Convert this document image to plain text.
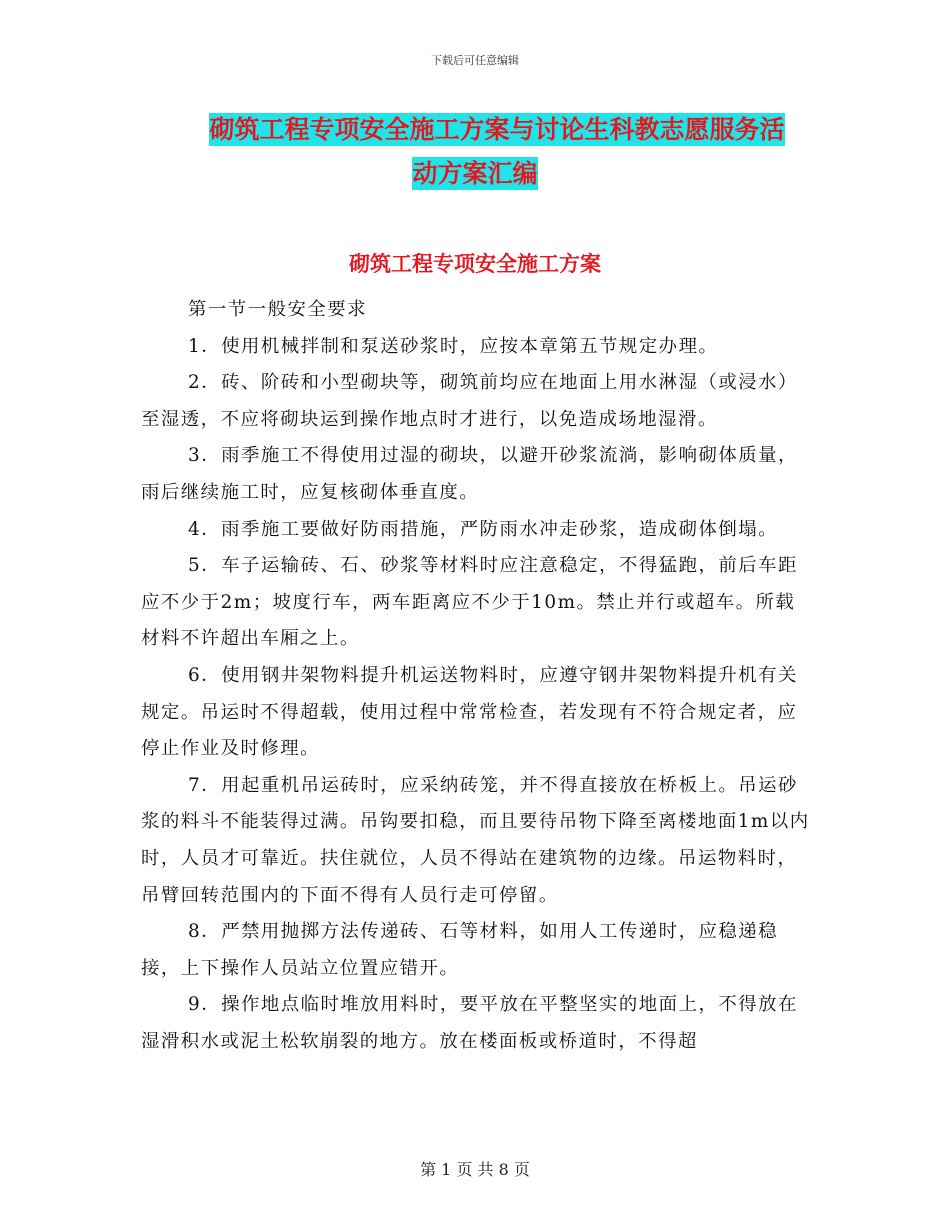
下载后可任意编辑
砌筑工程专项安全施工方案与讨论生科教志愿服务活
动方案汇编
砌筑工程专项安全施工方案

第一节一般安全要求

1．使用机械拌制和泵送砂浆时，应按本章第五节规定办理。

2．砖、阶砖和小型砌块等，砌筑前均应在地面上用水淋湿（或浸水）至湿透，不应将砌块运到操作地点时才进行，以免造成场地湿滑。

3．雨季施工不得使用过湿的砌块，以避开砂浆流淌，影响砌体质量，雨后继续施工时，应复核砌体垂直度。

4．雨季施工要做好防雨措施，严防雨水冲走砂浆，造成砌体倒塌。

5．车子运输砖、石、砂浆等材料时应注意稳定，不得猛跑，前后车距应不少于2m；坡度行车，两车距离应不少于10m。禁止并行或超车。所载材料不许超出车厢之上。

6．使用钢井架物料提升机运送物料时，应遵守钢井架物料提升机有关规定。吊运时不得超载，使用过程中常常检查，若发现有不符合规定者，应停止作业及时修理。

7．用起重机吊运砖时，应采纳砖笼，并不得直接放在桥板上。吊运砂浆的料斗不能装得过满。吊钩要扣稳，而且要待吊物下降至离楼地面1m以内时，人员才可靠近。扶住就位，人员不得站在建筑物的边缘。吊运物料时，吊臂回转范围内的下面不得有人员行走可停留。

8．严禁用抛掷方法传递砖、石等材料，如用人工传递时，应稳递稳接，上下操作人员站立位置应错开。

9．操作地点临时堆放用料时，要平放在平整坚实的地面上，不得放在湿滑积水或泥土松软崩裂的地方。放在楼面板或桥道时，不得超

第 1 页 共 8 页
